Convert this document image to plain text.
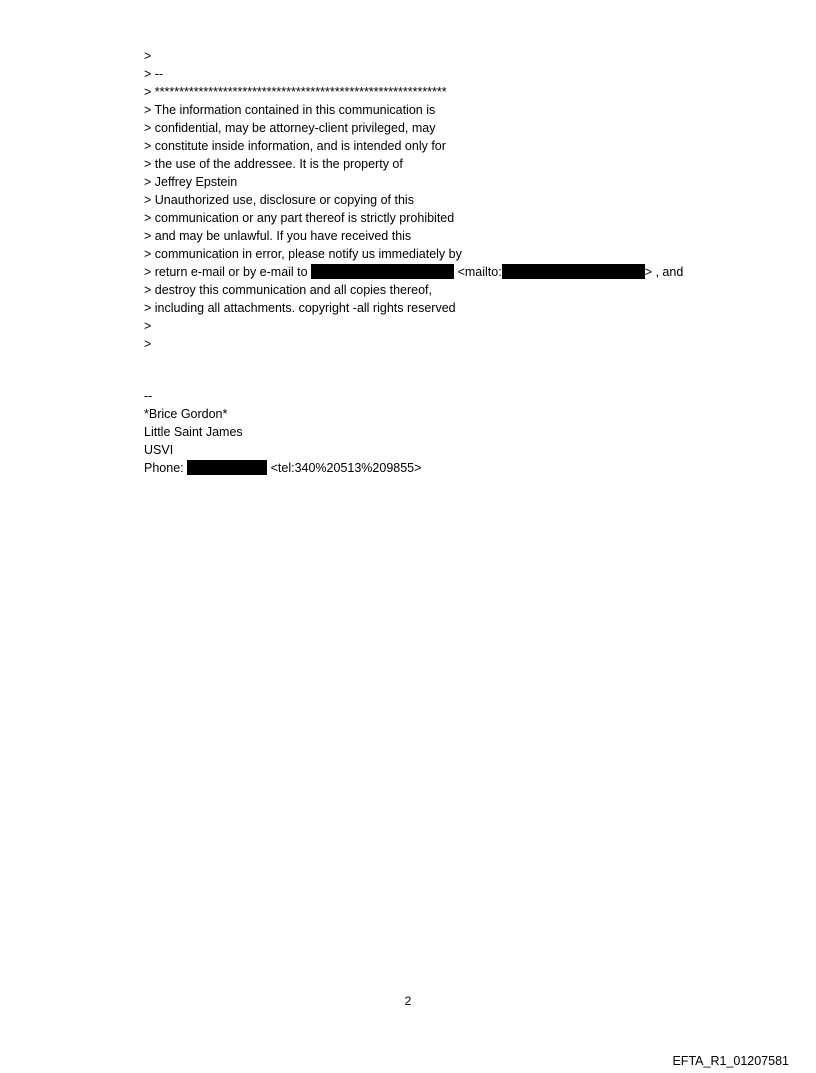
>
> --
> ************************************************************
> The information contained in this communication is
> confidential, may be attorney-client privileged, may
> constitute inside information, and is intended only for
> the use of the addressee. It is the property of
> Jeffrey Epstein
> Unauthorized use, disclosure or copying of this
> communication or any part thereof is strictly prohibited
> and may be unlawful. If you have received this
> communication in error, please notify us immediately by
> return e-mail or by e-mail to	<mailto:	> , and
> destroy this communication and all copies thereof,
> including all attachments. copyright -all rights reserved
>
>
--
*Brice Gordon*
Little Saint James
USVI
Phone:	<tel:340%20513%209855>
2
EFTA_R1_01207581
